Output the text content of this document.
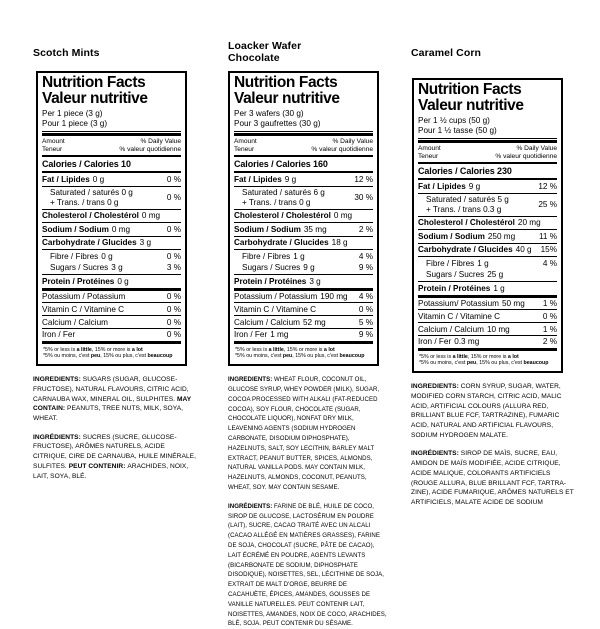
Scotch Mints
Nutrition Facts
Valeur nutritive
Per 1 piece (3 g)
Pour 1 piece (3 g)
Amount
Teneur
% Daily Value
% valeur quotidienne
Calories / Calories 10
Fat / Lipides 0 g	0 %
Saturated / saturés 0 g
+ Trans. / trans 0 g
0 %
Cholesterol / Cholestérol 0 mg
Sodium / Sodium 0 mg	0 %
Carbohydrate / Glucides 3 g
Fibre / Fibres 0 g	0 %
Sugars / Sucres 3 g	3 %
Protein / Protéines 0 g
Potassium / Potassium	0 %
Vitamin C / Vitamine C	0 %
Calcium / Calcium	0 %
Iron / Fer	0 %
*5% or less is a little, 15% or more is a lot
*5% ou moins, c'est peu, 15% ou plus, c'est beaucoup

INGREDIENTS: SUGARS (SUGAR, GLUCOSE-FRUCTOSE), NATURAL FLAVOURS, CITRIC ACID, CARNAUBA WAX, MINERAL OIL, SULPHITES. MAY CONTAIN: PEANUTS, TREE NUTS, MILK, SOYA, WHEAT.

INGRÉDIENTS: SUCRES (SUCRE, GLUCOSE-FRUCTOSE), ARÔMES NATURELS, ACIDE CITRIQUE, CIRE DE CARNAUBA, HUILE MINÉRALE, SULFITES. PEUT CONTENIR: ARACHIDES, NOIX, LAIT, SOYA, BLÉ.

Loacker Wafer Chocolate
Nutrition Facts
Valeur nutritive
Per 3 wafers (30 g)
Pour 3 gaufrettes (30 g)
Amount
Teneur
% Daily Value
% valeur quotidienne
Calories / Calories 160
Fat / Lipides 9 g	12 %
Saturated / saturés 6 g
+ Trans. / trans 0 g
30 %
Cholesterol / Cholestérol 0 mg
Sodium / Sodium 35 mg	2 %
Carbohydrate / Glucides 18 g
Fibre / Fibres 1 g	4 %
Sugars / Sucres 9 g	9 %
Protein / Protéines 3 g
Potassium / Potassium 190 mg 4 %
Vitamin C / Vitamine C	0 %
Calcium / Calcium 52 mg	5 %
Iron / Fer 1 mg	9 %
*5% or less is a little, 15% or more is a lot
*5% ou moins, c'est peu, 15% ou plus, c'est beaucoup

INGREDIENTS: WHEAT FLOUR, COCONUT OIL, GLUCOSE SYRUP, WHEY POWDER (MILK), SUGAR, COCOA PROCESSED WITH ALKALI (FAT-REDUCED COCOA), SOY FLOUR, CHOCOLATE (SUGAR, CHOCOLATE LIQUOR), NONFAT DRY MILK, LEAVENING AGENTS (SODIUM HYDROGEN CARBONATE, DISODIUM DIPHOSPHATE), HAZELNUTS, SALT, SOY LECITHIN, BARLEY MALT EXTRACT, PEANUT BUTTER, SPICES, ALMONDS, NATURAL VANILLA PODS. MAY CONTAIN MILK, HAZELNUTS, ALMONDS, COCONUT, PEANUTS, WHEAT, SOY. MAY CONTAIN SESAME.

INGRÉDIENTS: FARINE DE BLÉ, HUILE DE COCO, SIROP DE GLUCOSE, LACTOSÉRUM EN POUDRE (LAIT), SUCRE, CACAO TRAITÉ AVEC UN ALCALI (CACAO ALLÉGÉ EN MATIÈRES GRASSES), FARINE DE SOJA, CHOCOLAT (SUCRE, PÂTE DE CACAO), LAIT ÉCRÉMÉ EN POUDRE, AGENTS LEVANTS (BICARBONATE DE SODIUM, DIPHOSPHATE DISODIQUE), NOISETTES, SEL, LÉCITHINE DE SOJA, EXTRAIT DE MALT D'ORGE, BEURRE DE CACAHUÈTE, ÉPICES, AMANDES, GOUSSES DE VANILLE NATURELLES. PEUT CONTENIR LAIT, NOISETTES, AMANDES, NOIX DE COCO, ARACHIDES, BLÉ, SOJA. PEUT CONTENIR DU SÉSAME.

Caramel Corn
Nutrition Facts
Valeur nutritive
Per 1 ½ cups (50 g)
Pour 1 ½ tasse (50 g)
Amount
Teneur
% Daily Value
% valeur quotidienne
Calories / Calories 230
Fat / Lipides 9 g	12 %
Saturated / saturés 5 g
+ Trans. / trans 0.3 g
25 %
Cholesterol / Cholestérol 20 mg
Sodium / Sodium 250 mg	11 %
Carbohydrate / Glucides 40 g 15%
Fibre / Fibres 1 g	4 %
Sugars / Sucres 25 g
Protein / Protéines 1 g
Potassium/ Potassium 50 mg 1 %
Vitamin C / Vitamine C	0 %
Calcium / Calcium 10 mg	1 %
Iron / Fer 0.3 mg	2 %
*5% or less is a little, 15% or more is a lot
*5% ou moins, c'est peu, 15% ou plus, c'est beaucoup

INGREDIENTS: CORN SYRUP, SUGAR, WATER, MODIFIED CORN STARCH, CITRIC ACID, MALIC ACID, ARTIFICIAL COLOURS (ALLURA RED, BRILLIANT BLUE FCF, TARTRAZINE), FUMARIC ACID, NATURAL AND ARTIFICIAL FLAVOURS, SODIUM HYDROGEN MALATE.

INGRÉDIENTS: SIROP DE MAÏS, SUCRE, EAU, AMIDON DE MAÏS MODIFIÉE, ACIDE CITRIQUE, ACIDE MALIQUE, COLORANTS ARTIFICIELS (ROUGE ALLURA, BLUE BRILLANT FCF, TARTRA-ZINE), ACIDE FUMARIQUE, ARÔMES NATURELS ET ARTIFICIELS, MALATE ACIDE DE SODIUM
